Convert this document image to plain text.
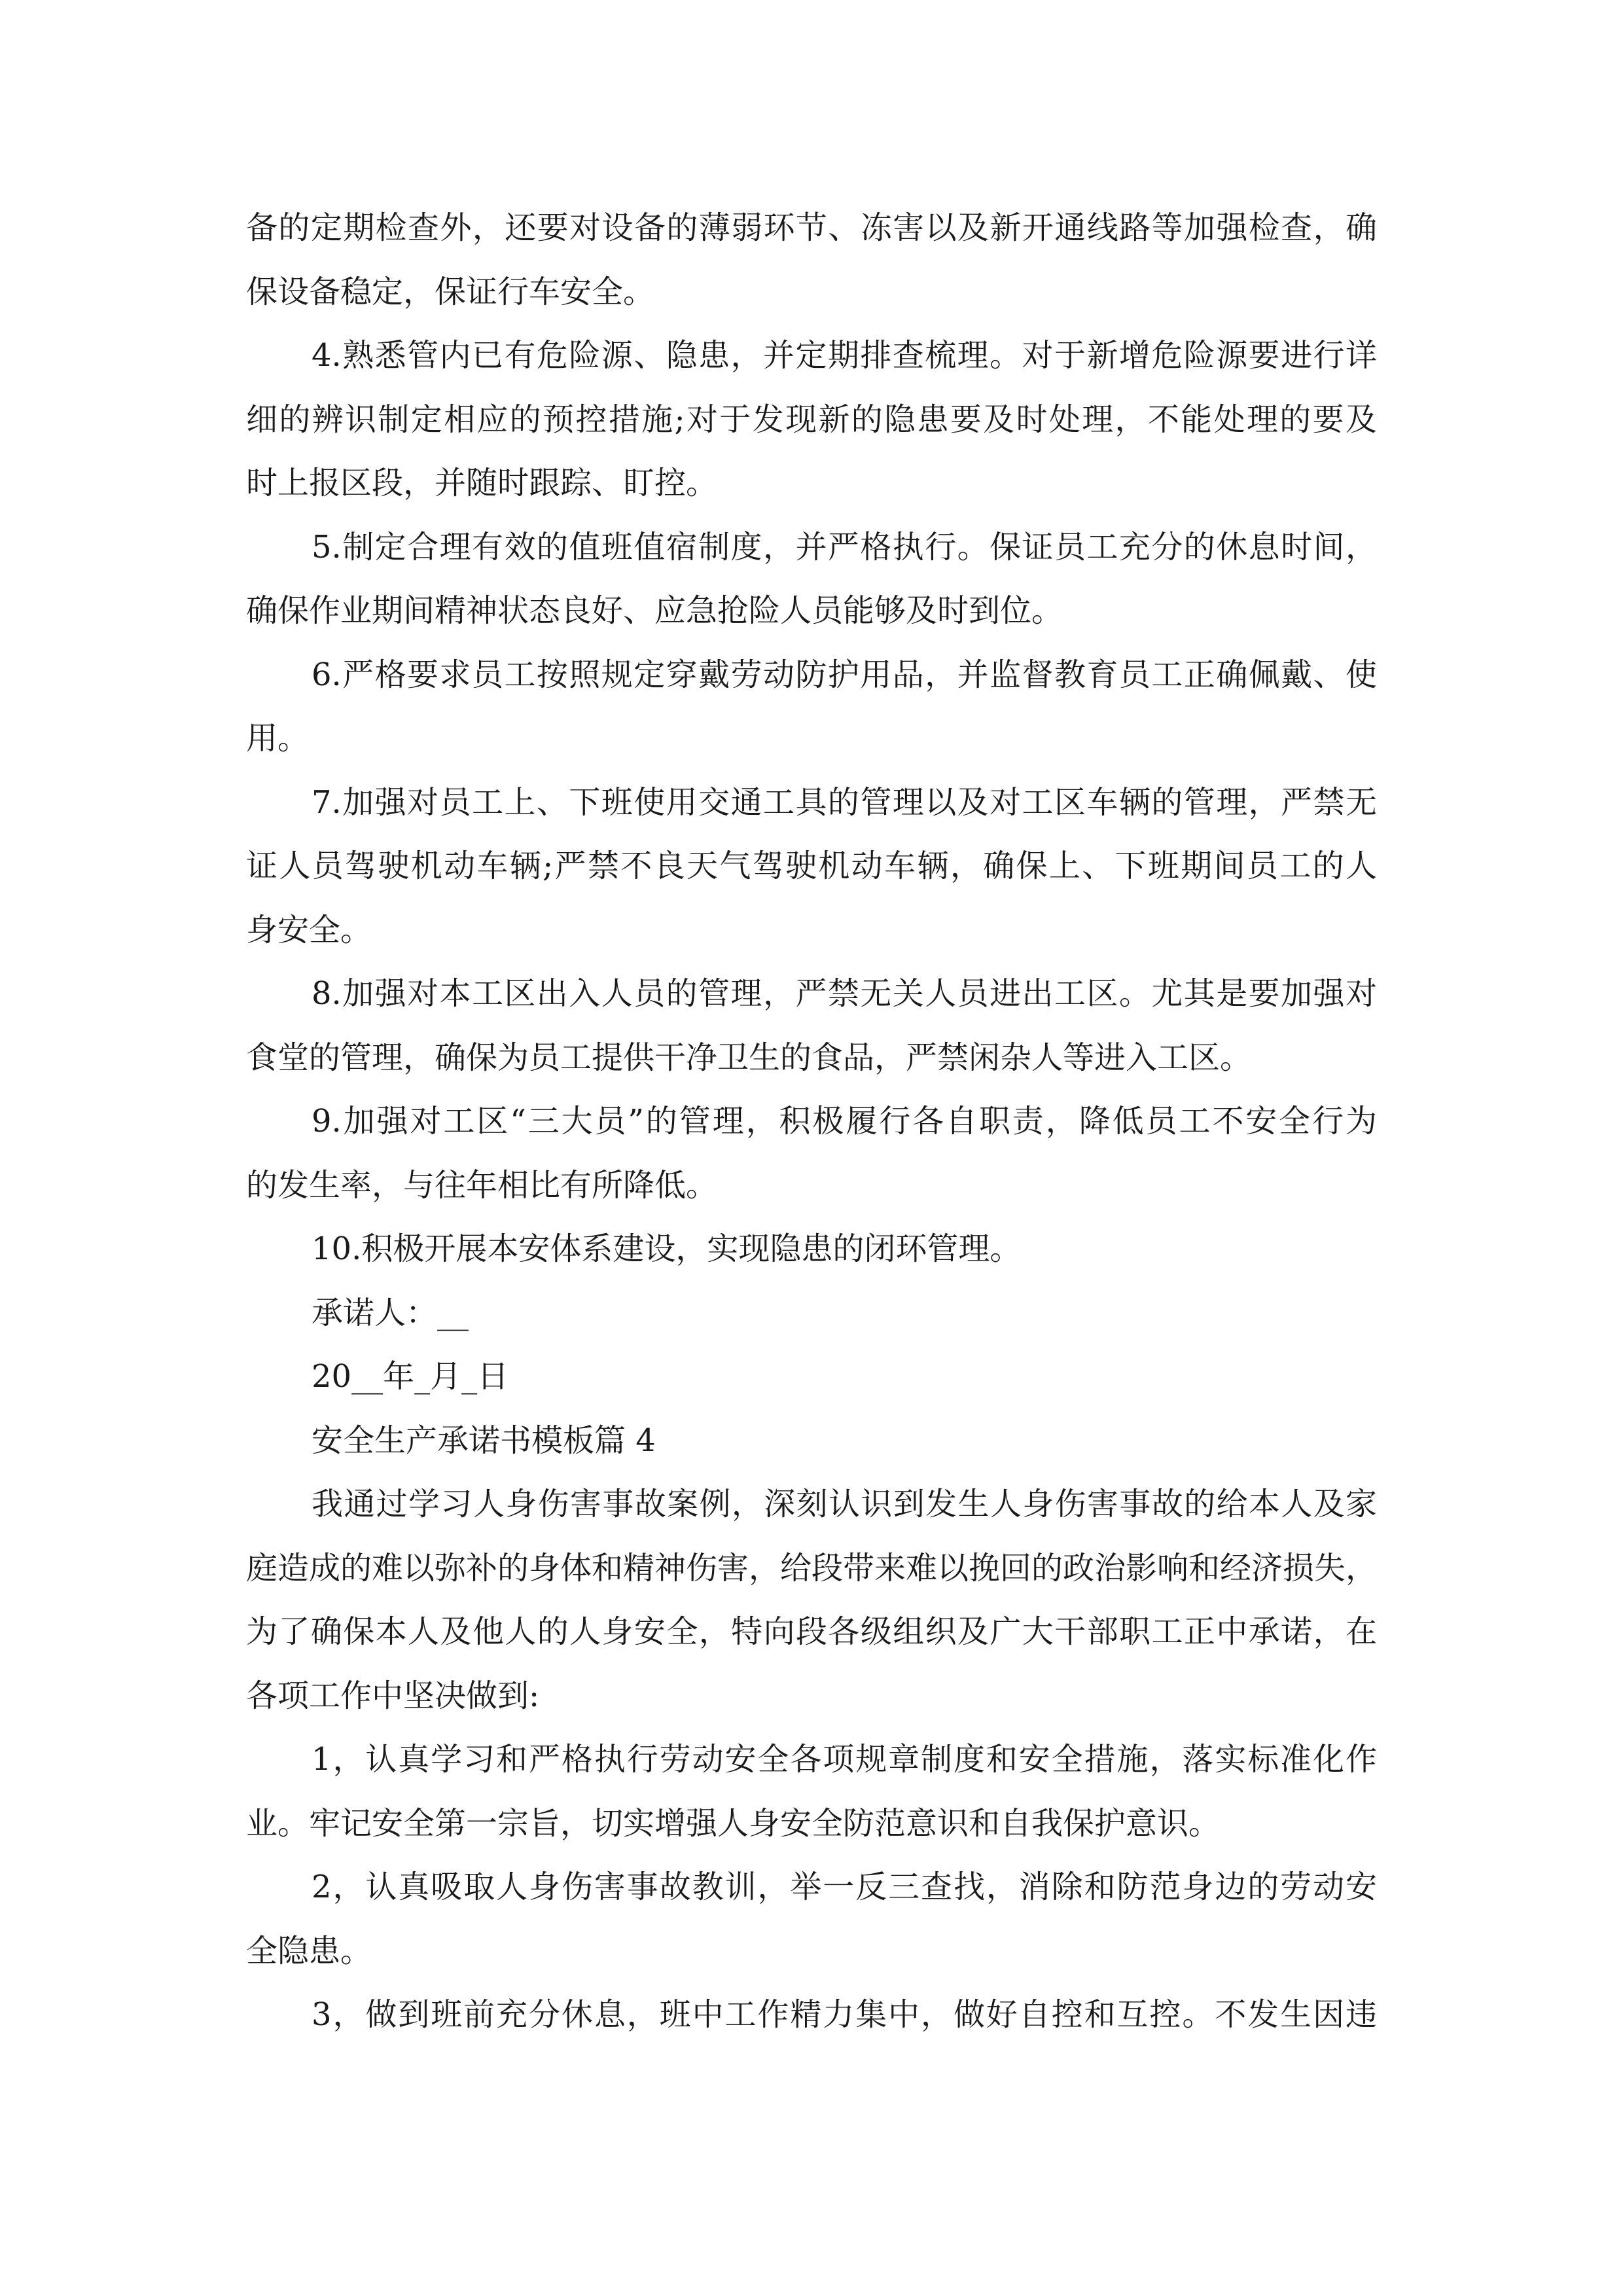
备的定期检查外，还要对设备的薄弱环节、冻害以及新开通线路等加强检查，确
保设备稳定，保证行车安全。
4.熟悉管内已有危险源、隐患，并定期排查梳理。对于新增危险源要进行详
细的辨识制定相应的预控措施;对于发现新的隐患要及时处理，不能处理的要及
时上报区段，并随时跟踪、盯控。
5.制定合理有效的值班值宿制度，并严格执行。保证员工充分的休息时间，
确保作业期间精神状态良好、应急抢险人员能够及时到位。
6.严格要求员工按照规定穿戴劳动防护用品，并监督教育员工正确佩戴、使
用。
7.加强对员工上、下班使用交通工具的管理以及对工区车辆的管理，严禁无
证人员驾驶机动车辆;严禁不良天气驾驶机动车辆，确保上、下班期间员工的人
身安全。
8.加强对本工区出入人员的管理，严禁无关人员进出工区。尤其是要加强对
食堂的管理，确保为员工提供干净卫生的食品，严禁闲杂人等进入工区。
9.加强对工区“三大员”的管理，积极履行各自职责，降低员工不安全行为
的发生率，与往年相比有所降低。
10.积极开展本安体系建设，实现隐患的闭环管理。
承诺人：__
20__年_月_日
安全生产承诺书模板篇 4
我通过学习人身伤害事故案例，深刻认识到发生人身伤害事故的给本人及家
庭造成的难以弥补的身体和精神伤害，给段带来难以挽回的政治影响和经济损失，
为了确保本人及他人的人身安全，特向段各级组织及广大干部职工正中承诺，在
各项工作中坚决做到:
1，认真学习和严格执行劳动安全各项规章制度和安全措施，落实标准化作
业。牢记安全第一宗旨，切实增强人身安全防范意识和自我保护意识。
2，认真吸取人身伤害事故教训，举一反三查找，消除和防范身边的劳动安
全隐患。
3，做到班前充分休息，班中工作精力集中，做好自控和互控。不发生因违
